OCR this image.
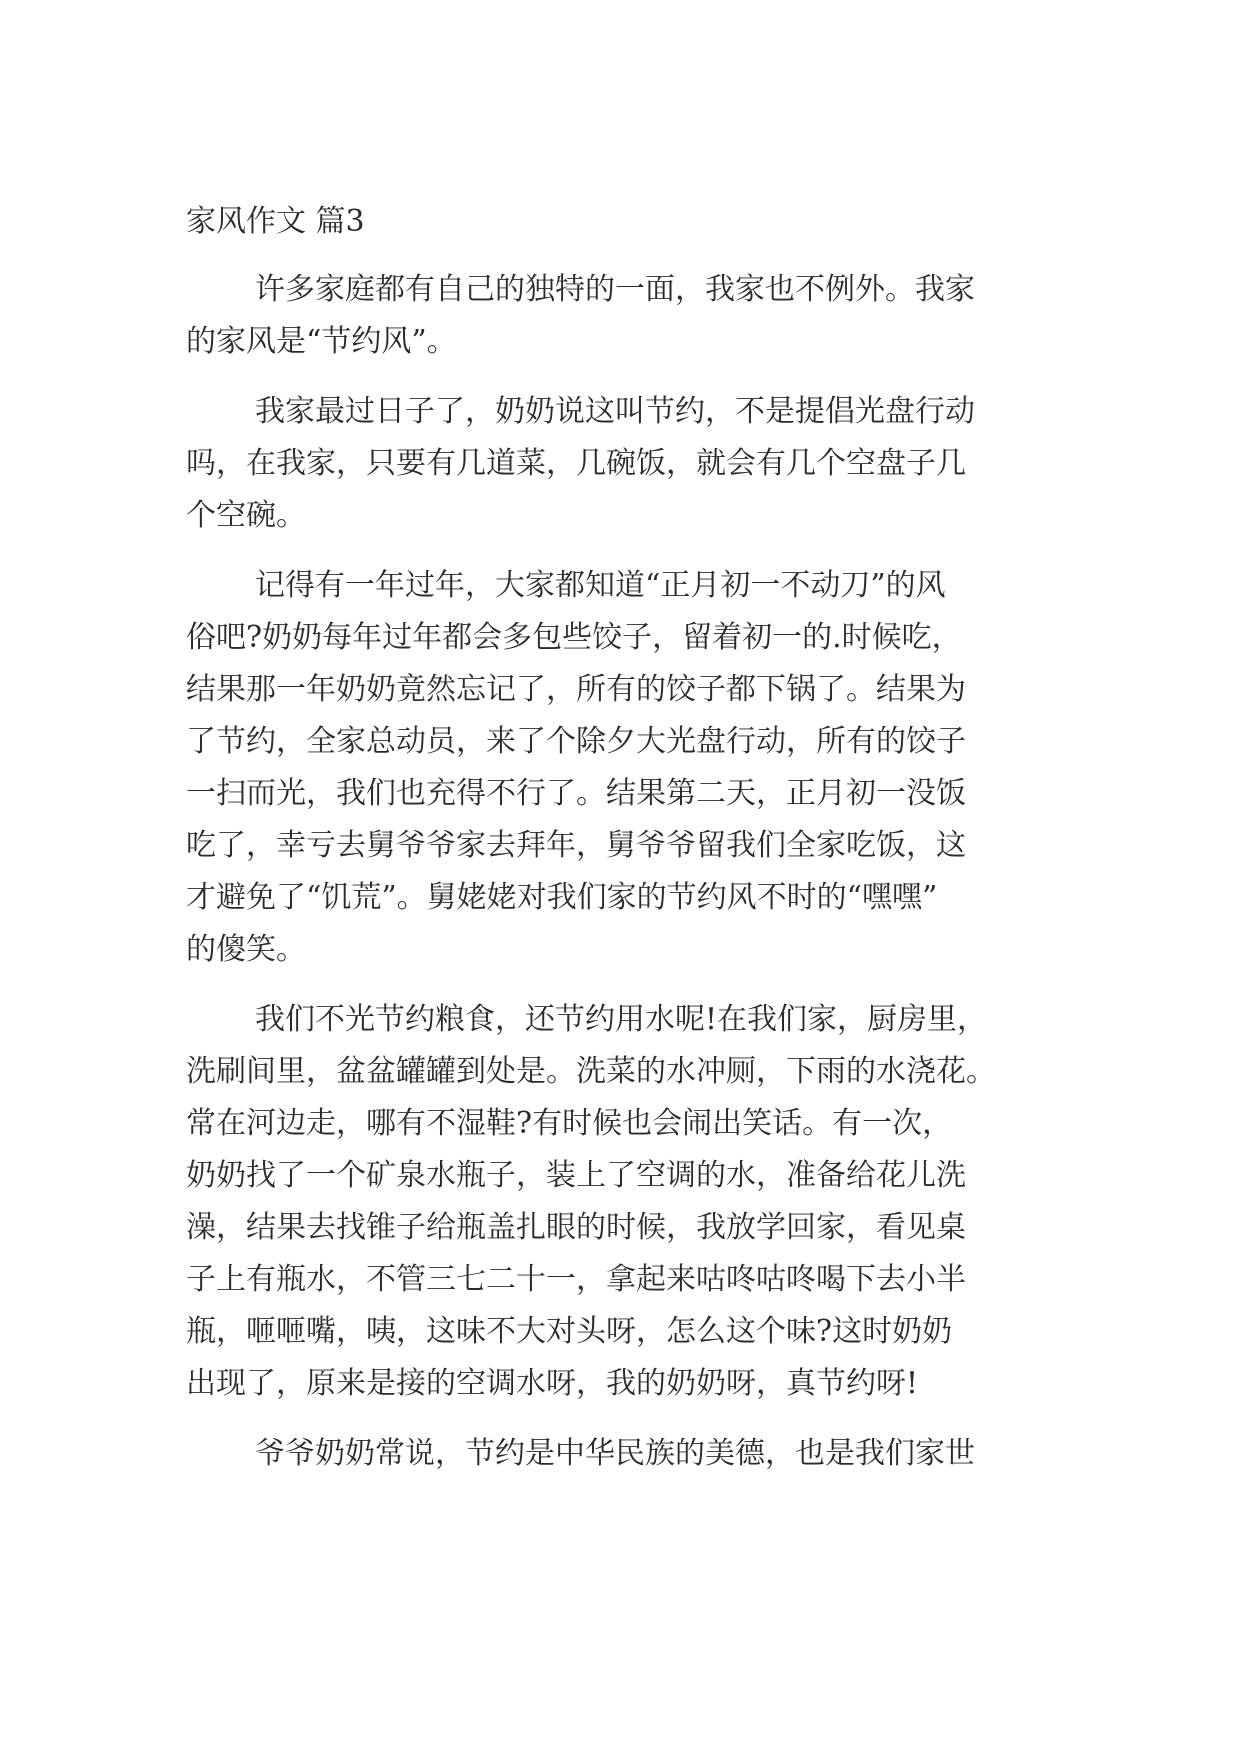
家风作文 篇3
许多家庭都有自己的独特的一面，我家也不例外。我家
的家风是“节约风”。
我家最过日子了，奶奶说这叫节约，不是提倡光盘行动
吗，在我家，只要有几道菜，几碗饭，就会有几个空盘子几
个空碗。
记得有一年过年，大家都知道“正月初一不动刀”的风
俗吧?奶奶每年过年都会多包些饺子，留着初一的.时候吃，
结果那一年奶奶竟然忘记了，所有的饺子都下锅了。结果为
了节约，全家总动员，来了个除夕大光盘行动，所有的饺子
一扫而光，我们也充得不行了。结果第二天，正月初一没饭
吃了，幸亏去舅爷爷家去拜年，舅爷爷留我们全家吃饭，这
才避免了“饥荒”。舅姥姥对我们家的节约风不时的“嘿嘿”
的傻笑。
我们不光节约粮食，还节约用水呢!在我们家，厨房里，
洗刷间里，盆盆罐罐到处是。洗菜的水冲厕，下雨的水浇花。
常在河边走，哪有不湿鞋?有时候也会闹出笑话。有一次，
奶奶找了一个矿泉水瓶子，装上了空调的水，准备给花儿洗
澡，结果去找锥子给瓶盖扎眼的时候，我放学回家，看见桌
子上有瓶水，不管三七二十一，拿起来咕咚咕咚喝下去小半
瓶，咂咂嘴，咦，这味不大对头呀，怎么这个味?这时奶奶
出现了，原来是接的空调水呀，我的奶奶呀，真节约呀!
爷爷奶奶常说，节约是中华民族的美德，也是我们家世
